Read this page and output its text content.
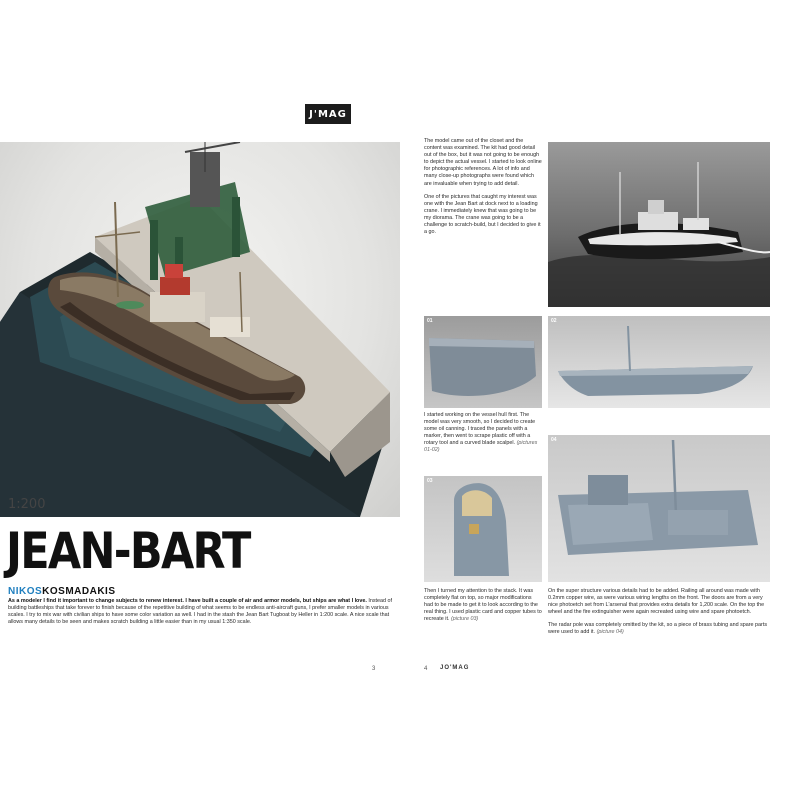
J'MAG
1:200
JEAN-BART
NIKOSKOSMADAKIS
As a modeler I find it important to change subjects to renew interest. I have built a couple of air and armor models, but ships are what I love. Instead of building battleships that take forever to finish because of the repetitive building of what seems to be endless anti-aircraft guns, I prefer smaller models in various scales. I try to mix war with civilian ships to have some color variation as well. I had in the stash the Jean Bart Tugboat by Heller in 1:200 scale. A nice scale that allows many details to be seen and makes scratch building a little easier than in my usual 1:350 scale.
3

The model came out of the closet and the content was examined. The kit had good detail out of the box, but it was not going to be enough to depict the actual vessel. I started to look online for photographic references. A lot of info and many close-up photographs were found which are invaluable when trying to add detail.

One of the pictures that caught my interest was one with the Jean Bart at dock next to a loading crane. I immediately knew that was going to be my diorama. The crane was going to be a challenge to scratch-build, but I decided to give it a go.

01	02
I started working on the vessel hull first. The model was very smooth, so I decided to create some oil canning. I traced the panels with a marker, then went to scrape plastic off with a rotary tool and a curved blade scalpel. (pictures 01-02)
03
04
Then I turned my attention to the stack. It was completely flat on top, so major modifications had to be made to get it to look according to the real thing. I used plastic card and copper tubes to recreate it. (picture 03)

On the super structure various details had to be added. Railing all around was made with 0.2mm copper wire, as were various wiring lengths on the front. The doors are from a very nice photoetch set from L'arsenal that provides extra details for 1,200 scale. On the top the wheel and the fire extinguisher were again recreated using wire and spare photoetch.

The radar pole was completely omitted by the kit, so a piece of brass tubing and spare parts were used to add it. (picture 04)

4 JO'MAG
